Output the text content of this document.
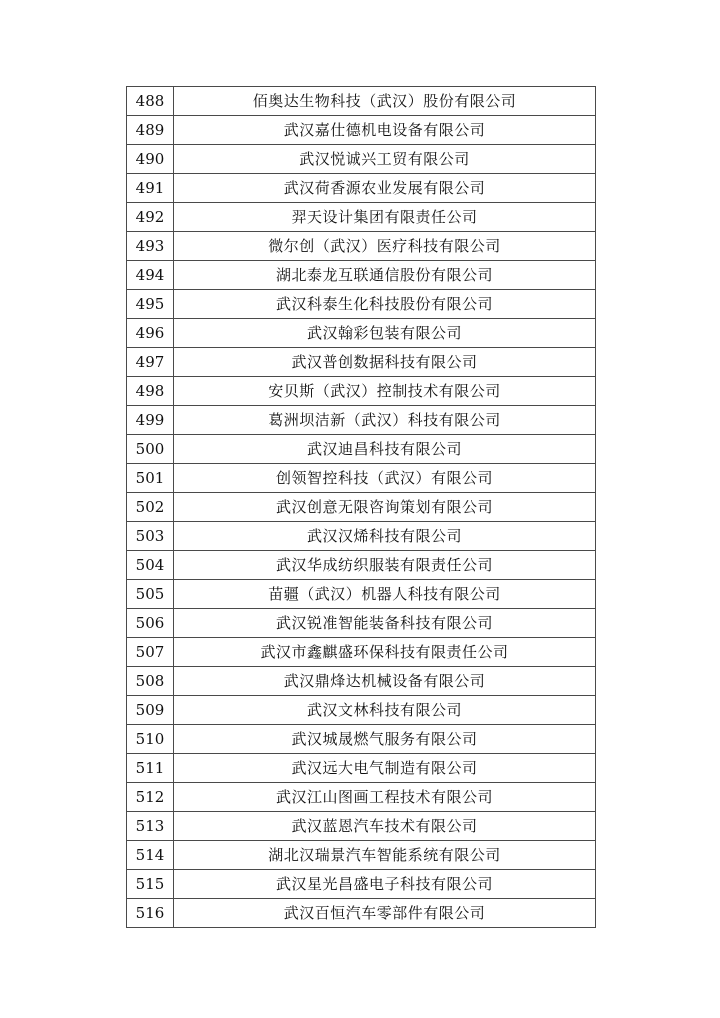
488	佰奥达生物科技（武汉）股份有限公司
489	武汉嘉仕德机电设备有限公司
490	武汉悦诚兴工贸有限公司
491	武汉荷香源农业发展有限公司
492	羿天设计集团有限责任公司
493	微尔创（武汉）医疗科技有限公司
494	湖北泰龙互联通信股份有限公司
495	武汉科泰生化科技股份有限公司
496	武汉翰彩包装有限公司
497	武汉普创数据科技有限公司
498	安贝斯（武汉）控制技术有限公司
499	葛洲坝洁新（武汉）科技有限公司
500	武汉迪昌科技有限公司
501	创领智控科技（武汉）有限公司
502	武汉创意无限咨询策划有限公司
503	武汉汉烯科技有限公司
504	武汉华成纺织服装有限责任公司
505	苗疆（武汉）机器人科技有限公司
506	武汉锐准智能装备科技有限公司
507	武汉市鑫麒盛环保科技有限责任公司
508	武汉鼎烽达机械设备有限公司
509	武汉文林科技有限公司
510	武汉城晟燃气服务有限公司
511	武汉远大电气制造有限公司
512	武汉江山图画工程技术有限公司
513	武汉蓝恩汽车技术有限公司
514	湖北汉瑞景汽车智能系统有限公司
515	武汉星光昌盛电子科技有限公司
516	武汉百恒汽车零部件有限公司
